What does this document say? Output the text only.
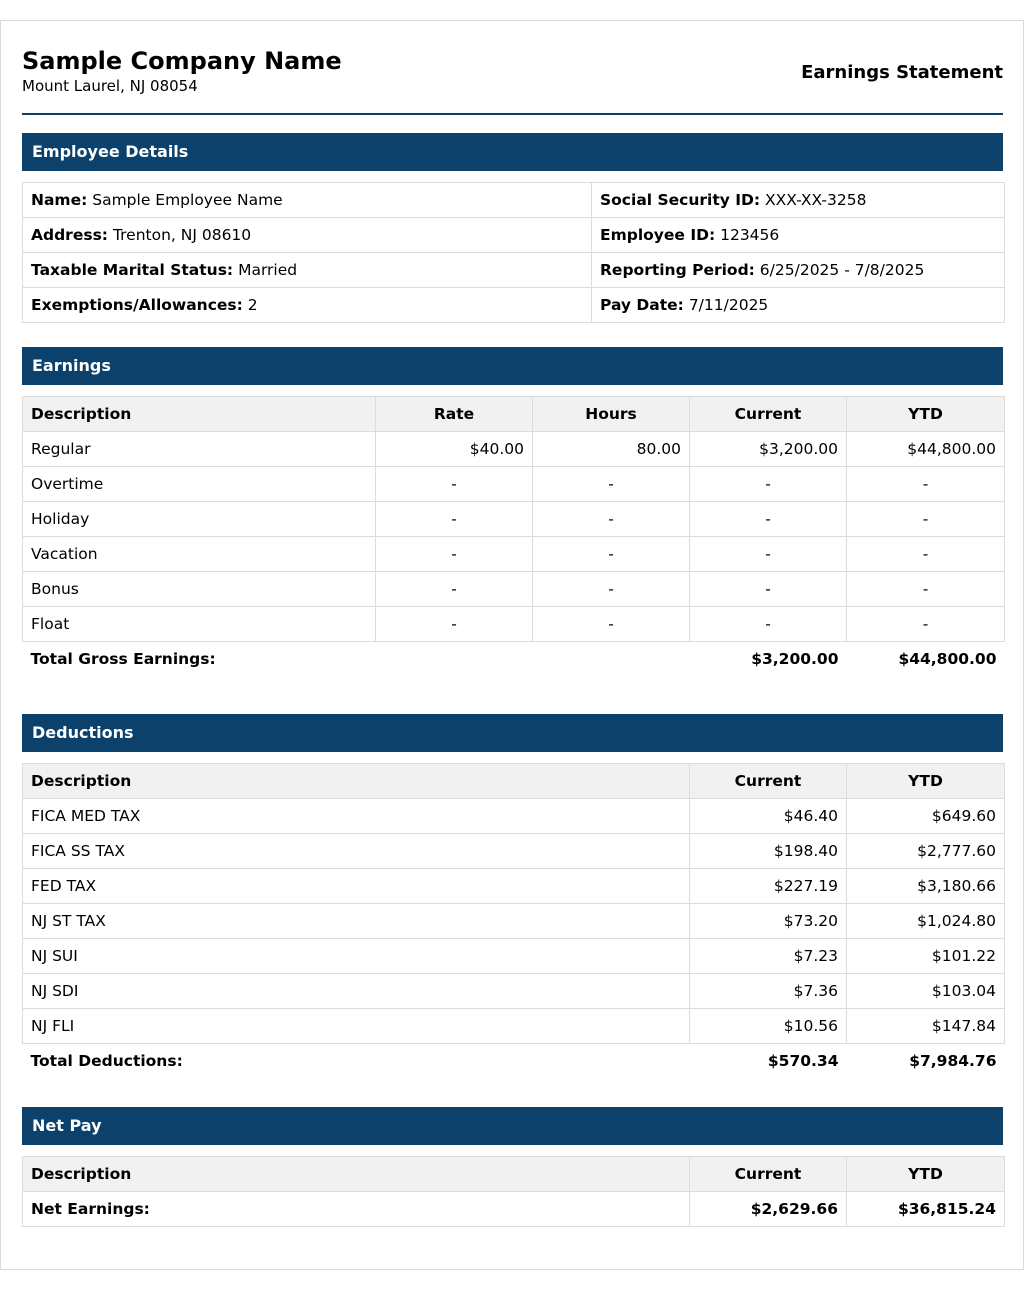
Sample Company Name
Mount Laurel, NJ 08054
Earnings Statement
Employee Details
Name: Sample Employee Name	Social Security ID: XXX-XX-3258
Address: Trenton, NJ 08610	Employee ID: 123456
Taxable Marital Status: Married	Reporting Period: 6/25/2025 - 7/8/2025
Exemptions/Allowances: 2	Pay Date: 7/11/2025
Earnings
Description	Rate	Hours	Current	YTD
Regular	$40.00	80.00	$3,200.00	$44,800.00
Overtime	-	-	-	-
Holiday	-	-	-	-
Vacation	-	-	-	-
Bonus	-	-	-	-
Float	-	-	-	-
Total Gross Earnings:			$3,200.00	$44,800.00
Deductions
Description	Current	YTD
FICA MED TAX	$46.40	$649.60
FICA SS TAX	$198.40	$2,777.60
FED TAX	$227.19	$3,180.66
NJ ST TAX	$73.20	$1,024.80
NJ SUI	$7.23	$101.22
NJ SDI	$7.36	$103.04
NJ FLI	$10.56	$147.84
Total Deductions:	$570.34	$7,984.76
Net Pay
Description	Current	YTD
Net Earnings:	$2,629.66	$36,815.24
